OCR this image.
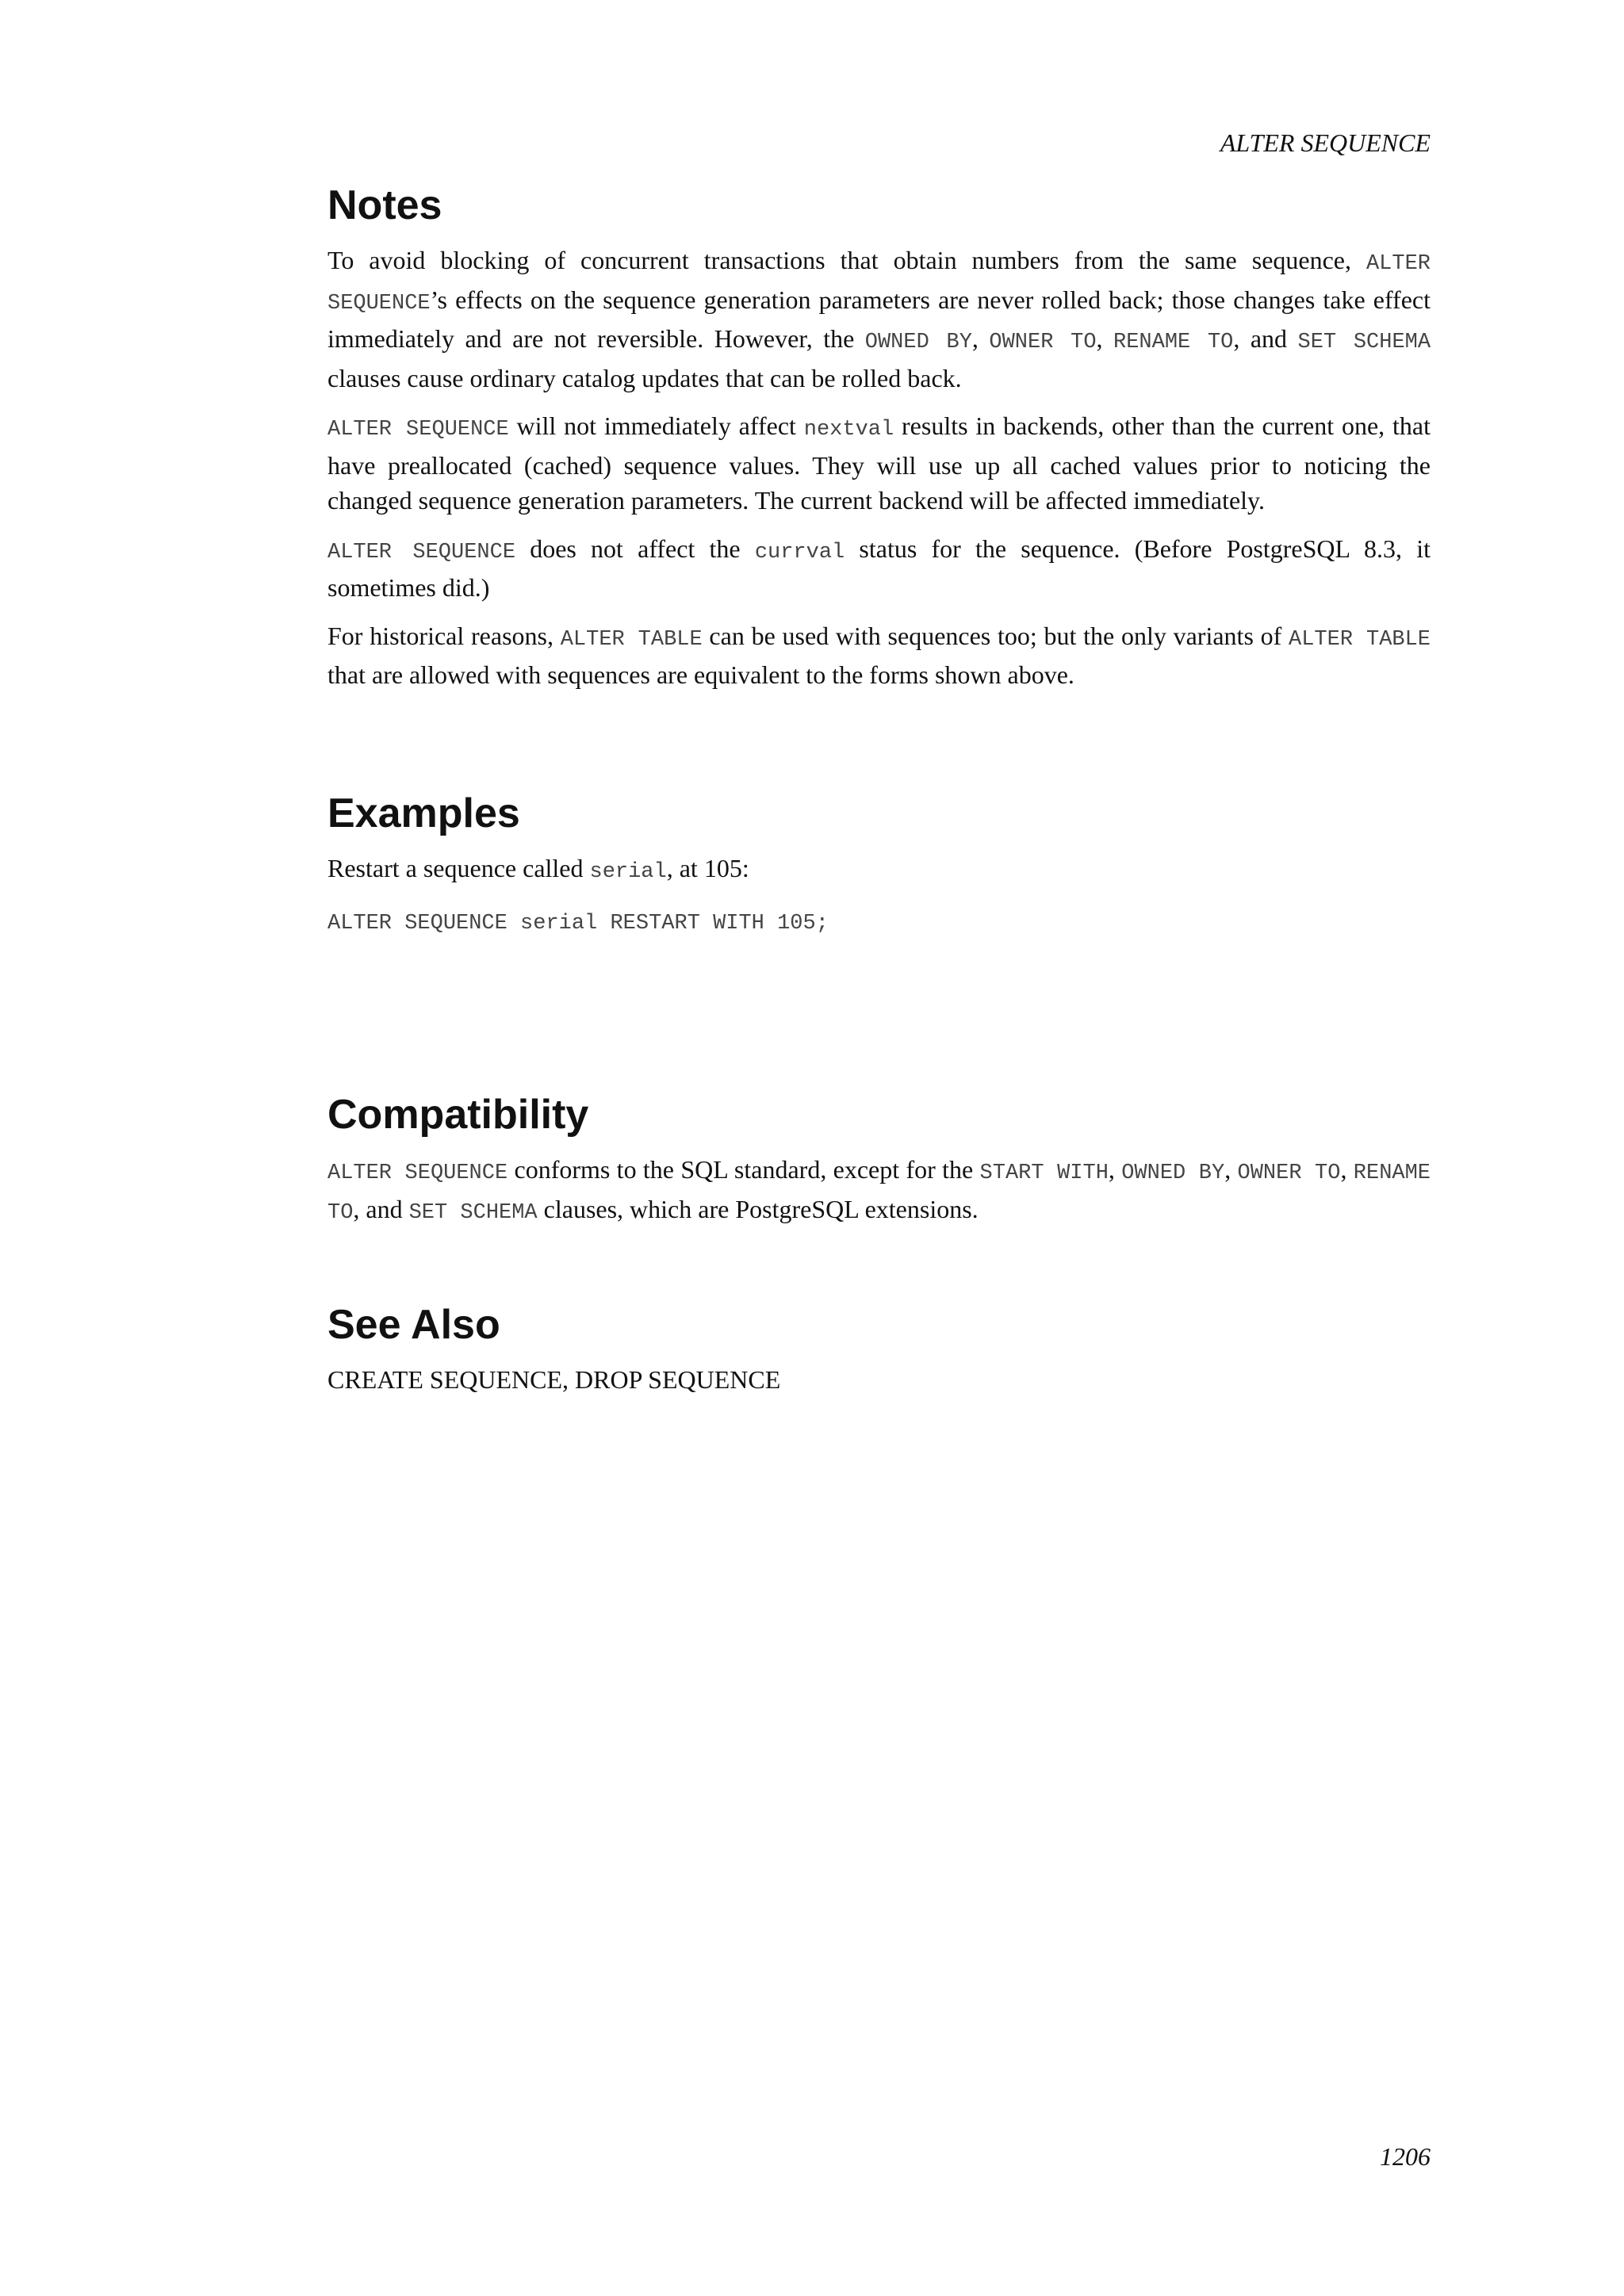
ALTER SEQUENCE
Notes

To avoid blocking of concurrent transactions that obtain numbers from the same sequence, ALTER SEQUENCE’s effects on the sequence generation parameters are never rolled back; those changes take effect immediately and are not reversible. However, the OWNED BY, OWNER TO, RENAME TO, and SET SCHEMA clauses cause ordinary catalog updates that can be rolled back.

ALTER SEQUENCE will not immediately affect nextval results in backends, other than the current one, that have preallocated (cached) sequence values. They will use up all cached values prior to noticing the changed sequence generation parameters. The current backend will be affected immediately.

ALTER SEQUENCE does not affect the currval status for the sequence. (Before PostgreSQL 8.3, it sometimes did.)

For historical reasons, ALTER TABLE can be used with sequences too; but the only variants of ALTER TABLE that are allowed with sequences are equivalent to the forms shown above.

Examples

Restart a sequence called serial, at 105:

ALTER SEQUENCE serial RESTART WITH 105;
Compatibility

ALTER SEQUENCE conforms to the SQL standard, except for the START WITH, OWNED BY, OWNER TO, RENAME TO, and SET SCHEMA clauses, which are PostgreSQL extensions.

See Also

CREATE SEQUENCE, DROP SEQUENCE

1206
